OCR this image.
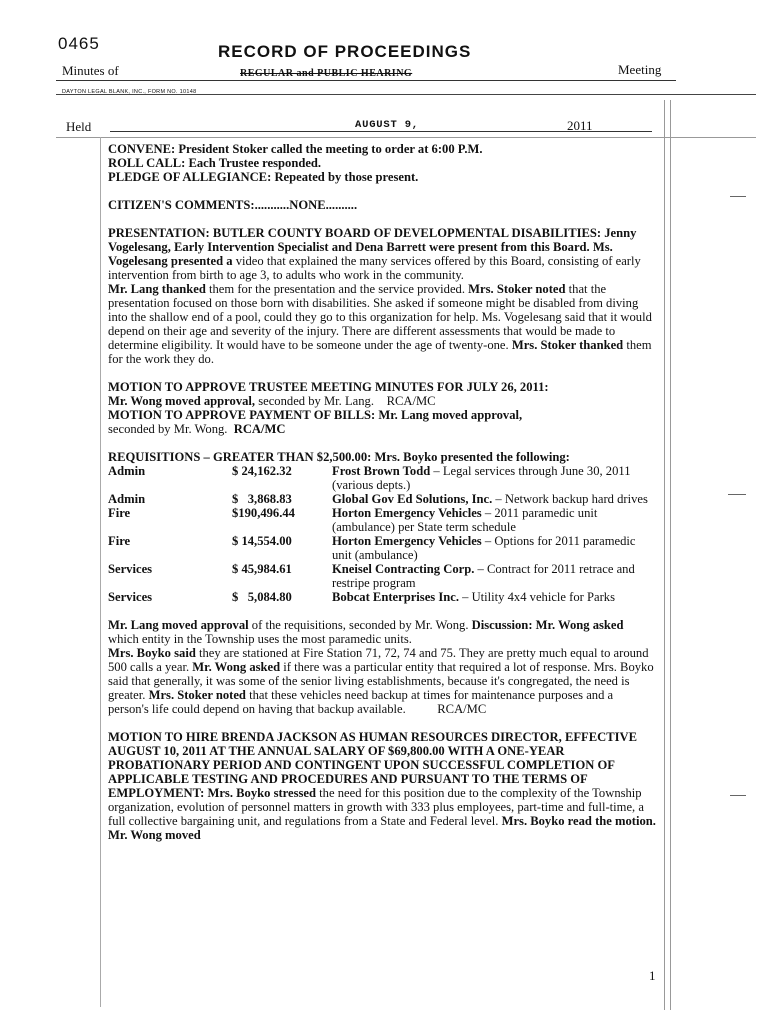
0465	RECORD OF PROCEEDINGS
Minutes of	REGULAR and PUBLIC HEARING	Meeting
DAYTON LEGAL BLANK, INC., FORM NO. 10148
Held	AUGUST 9,	2011

CONVENE: President Stoker called the meeting to order at 6:00 P.M.

ROLL CALL: Each Trustee responded.

PLEDGE OF ALLEGIANCE: Repeated by those present.

CITIZEN'S COMMENTS:...........NONE..........

PRESENTATION: BUTLER COUNTY BOARD OF DEVELOPMENTAL DISABILITIES: Jenny Vogelesang, Early Intervention Specialist and Dena Barrett were present from this Board. Ms. Vogelesang presented a video that explained the many services offered by this Board, consisting of early intervention from birth to age 3, to adults who work in the community.

Mr. Lang thanked them for the presentation and the service provided. Mrs. Stoker noted that the presentation focused on those born with disabilities. She asked if someone might be disabled from diving into the shallow end of a pool, could they go to this organization for help. Ms. Vogelesang said that it would depend on their age and severity of the injury. There are different assessments that would be made to determine eligibility. It would have to be someone under the age of twenty-one. Mrs. Stoker thanked them for the work they do.

MOTION TO APPROVE TRUSTEE MEETING MINUTES FOR JULY 26, 2011:

Mr. Wong moved approval, seconded by Mr. Lang. RCA/MC

MOTION TO APPROVE PAYMENT OF BILLS: Mr. Lang moved approval,

seconded by Mr. Wong. RCA/MC

REQUISITIONS – GREATER THAN $2,500.00: Mrs. Boyko presented the following:

Admin	$ 24,162.32	Frost Brown Todd – Legal services through June 30, 2011 (various depts.)
Admin	$   3,868.83	Global Gov Ed Solutions, Inc. – Network backup hard drives
Fire	$190,496.44	Horton Emergency Vehicles – 2011 paramedic unit (ambulance) per State term schedule
Fire	$ 14,554.00	Horton Emergency Vehicles – Options for 2011 paramedic unit (ambulance)
Services	$ 45,984.61	Kneisel Contracting Corp. – Contract for 2011 retrace and restripe program
Services	$   5,084.80	Bobcat Enterprises Inc. – Utility 4x4 vehicle for Parks

Mr. Lang moved approval of the requisitions, seconded by Mr. Wong. Discussion: Mr. Wong asked which entity in the Township uses the most paramedic units.
Mrs. Boyko said they are stationed at Fire Station 71, 72, 74 and 75. They are pretty much equal to around 500 calls a year. Mr. Wong asked if there was a particular entity that required a lot of response. Mrs. Boyko said that generally, it was some of the senior living establishments, because it's congregated, the need is greater. Mrs. Stoker noted that these vehicles need backup at times for maintenance purposes and a person's life could depend on having that backup available. RCA/MC

MOTION TO HIRE BRENDA JACKSON AS HUMAN RESOURCES DIRECTOR, EFFECTIVE AUGUST 10, 2011 AT THE ANNUAL SALARY OF $69,800.00 WITH A ONE-YEAR PROBATIONARY PERIOD AND CONTINGENT UPON SUCCESSFUL COMPLETION OF APPLICABLE TESTING AND PROCEDURES AND PURSUANT TO THE TERMS OF EMPLOYMENT: Mrs. Boyko stressed the need for this position due to the complexity of the Township organization, evolution of personnel matters in growth with 333 plus employees, part-time and full-time, a full collective bargaining unit, and regulations from a State and Federal level. Mrs. Boyko read the motion. Mr. Wong moved

1
